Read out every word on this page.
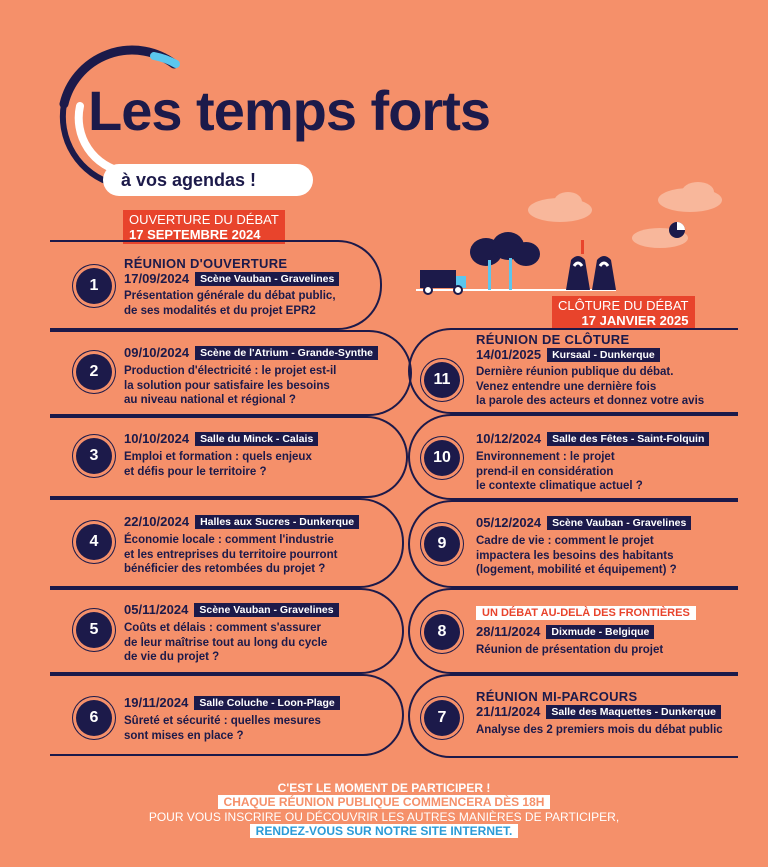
Les temps forts
à vos agendas !
OUVERTURE DU DÉBAT
17 SEPTEMBRE 2024
CLÔTURE DU DÉBAT
17 JANVIER 2025
1
RÉUNION D'OUVERTURE
17/09/2024 Scène Vauban - Gravelines
Présentation générale du débat public,
de ses modalités et du projet EPR2
2
09/10/2024 Scène de l'Atrium - Grande-Synthe
Production d'électricité : le projet est-il
la solution pour satisfaire les besoins
au niveau national et régional ?
3
10/10/2024 Salle du Minck - Calais
Emploi et formation : quels enjeux
et défis pour le territoire ?
4
22/10/2024 Halles aux Sucres - Dunkerque
Économie locale : comment l'industrie
et les entreprises du territoire pourront
bénéficier des retombées du projet ?
5
05/11/2024 Scène Vauban - Gravelines
Coûts et délais : comment s'assurer
de leur maîtrise tout au long du cycle
de vie du projet ?
6
19/11/2024 Salle Coluche - Loon-Plage
Sûreté et sécurité : quelles mesures
sont mises en place ?
11
RÉUNION DE CLÔTURE
14/01/2025 Kursaal - Dunkerque
Dernière réunion publique du débat.
Venez entendre une dernière fois
la parole des acteurs et donnez votre avis
10
10/12/2024 Salle des Fêtes - Saint-Folquin
Environnement : le projet
prend-il en considération
le contexte climatique actuel ?
9
05/12/2024 Scène Vauban - Gravelines
Cadre de vie : comment le projet
impactera les besoins des habitants
(logement, mobilité et équipement) ?
8
UN DÉBAT AU-DELÀ DES FRONTIÈRES
28/11/2024 Dixmude - Belgique
Réunion de présentation du projet
7
RÉUNION MI-PARCOURS
21/11/2024 Salle des Maquettes - Dunkerque
Analyse des 2 premiers mois du débat public
C'EST LE MOMENT DE PARTICIPER !
CHAQUE RÉUNION PUBLIQUE COMMENCERA DÈS 18H
POUR VOUS INSCRIRE OU DÉCOUVRIR LES AUTRES MANIÈRES DE PARTICIPER,
RENDEZ-VOUS SUR NOTRE SITE INTERNET.
